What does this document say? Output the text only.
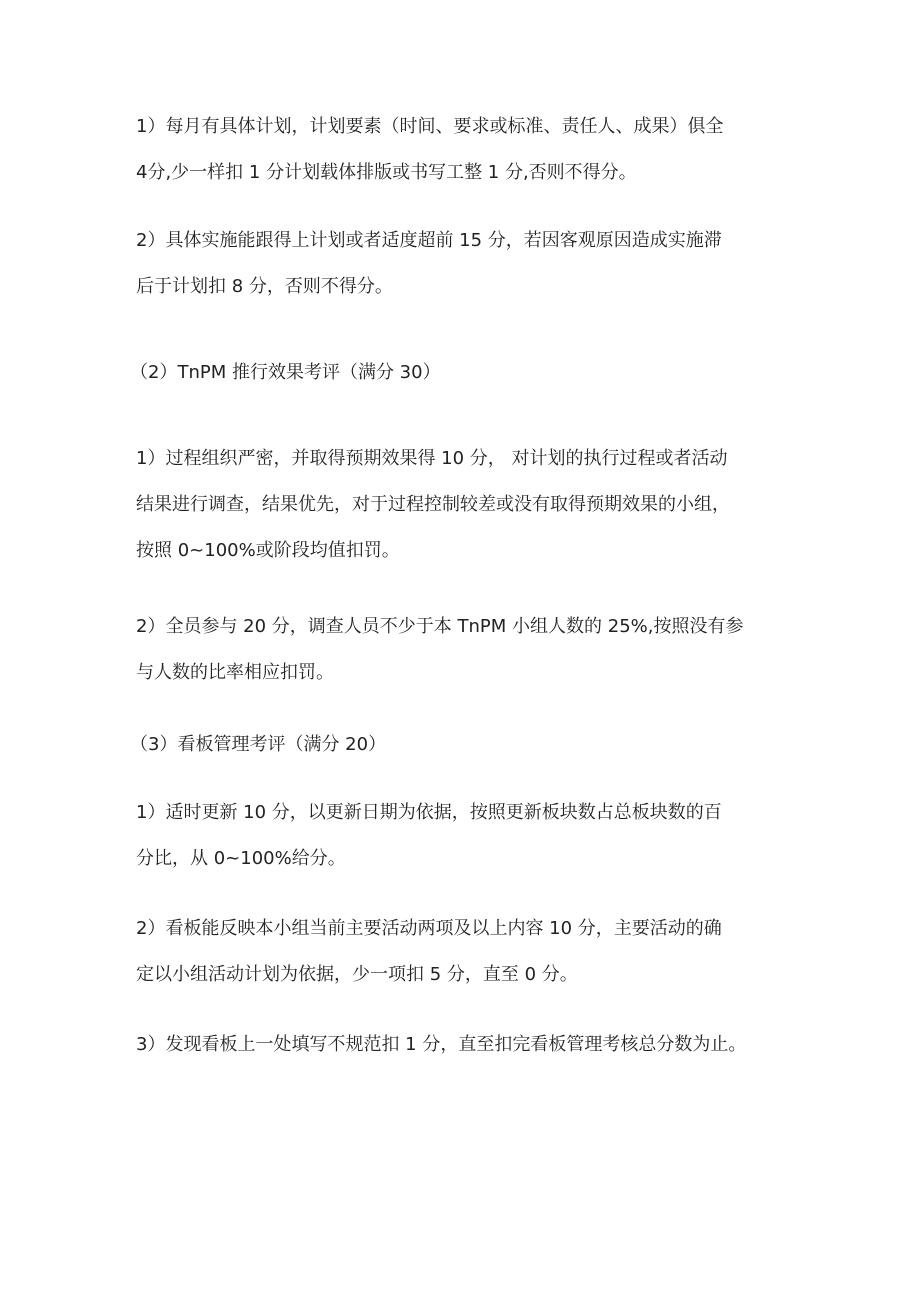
1）每月有具体计划，计划要素（时间、要求或标准、责任人、成果）俱全
4分,少一样扣 1 分计划载体排版或书写工整 1 分,否则不得分。

2）具体实施能跟得上计划或者适度超前 15 分，若因客观原因造成实施滞
后于计划扣 8 分，否则不得分。

（2）TnPM 推行效果考评（满分 30）

1）过程组织严密，并取得预期效果得 10 分， 对计划的执行过程或者活动
结果进行调查，结果优先，对于过程控制较差或没有取得预期效果的小组，
按照 0~100%或阶段均值扣罚。

2）全员参与 20 分，调查人员不少于本 TnPM 小组人数的 25%,按照没有参
与人数的比率相应扣罚。

（3）看板管理考评（满分 20）

1）适时更新 10 分，以更新日期为依据，按照更新板块数占总板块数的百
分比，从 0~100%给分。

2）看板能反映本小组当前主要活动两项及以上内容 10 分，主要活动的确
定以小组活动计划为依据，少一项扣 5 分，直至 0 分。

3）发现看板上一处填写不规范扣 1 分，直至扣完看板管理考核总分数为止。
